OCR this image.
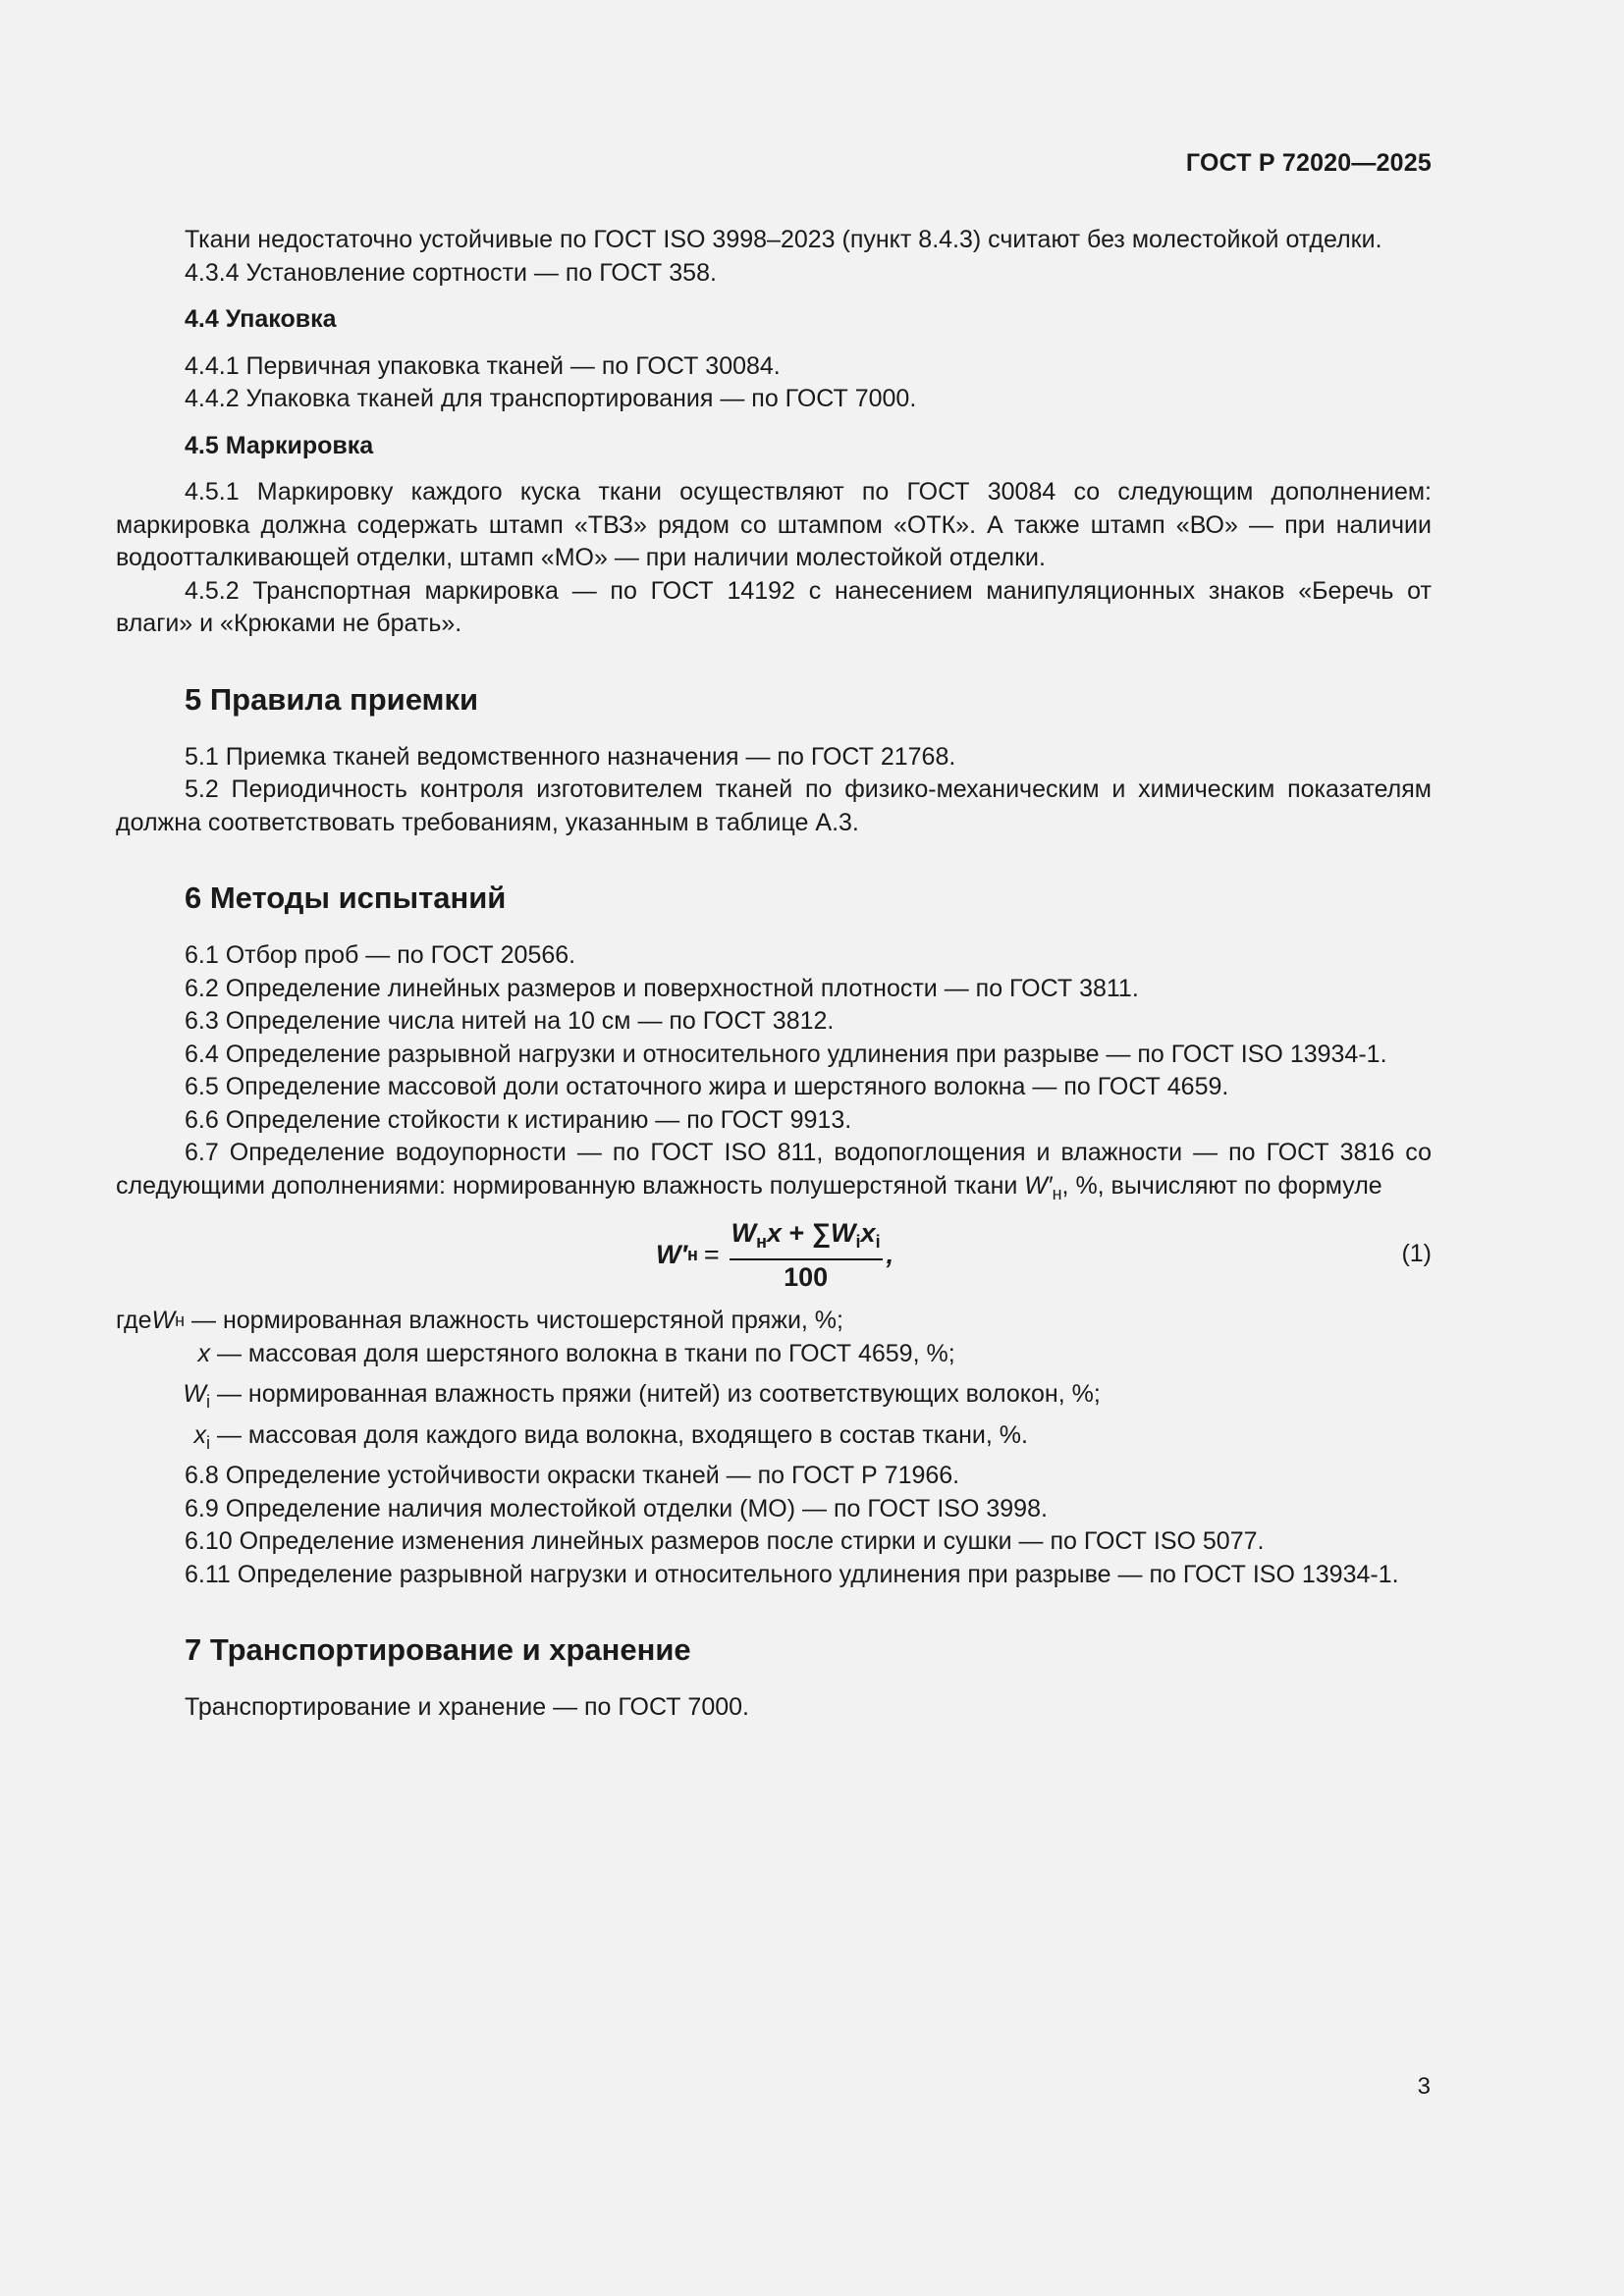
ГОСТ Р 72020—2025

Ткани недостаточно устойчивые по ГОСТ ISO 3998–2023 (пункт 8.4.3) считают без молестойкой отделки.

4.3.4 Установление сортности — по ГОСТ 358.

4.4 Упаковка

4.4.1 Первичная упаковка тканей — по ГОСТ 30084.

4.4.2 Упаковка тканей для транспортирования — по ГОСТ 7000.

4.5 Маркировка

4.5.1 Маркировку каждого куска ткани осуществляют по ГОСТ 30084 со следующим дополнением: маркировка должна содержать штамп «ТВЗ» рядом со штампом «ОТК». А также штамп «ВО» — при наличии водоотталкивающей отделки, штамп «МО» — при наличии молестойкой отделки.

4.5.2 Транспортная маркировка — по ГОСТ 14192 с нанесением манипуляционных знаков «Беречь от влаги» и «Крюками не брать».

5 Правила приемки

5.1 Приемка тканей ведомственного назначения — по ГОСТ 21768.

5.2 Периодичность контроля изготовителем тканей по физико-механическим и химическим показателям должна соответствовать требованиям, указанным в таблице А.3.

6 Методы испытаний

6.1 Отбор проб — по ГОСТ 20566.

6.2 Определение линейных размеров и поверхностной плотности — по ГОСТ 3811.

6.3 Определение числа нитей на 10 см — по ГОСТ 3812.

6.4 Определение разрывной нагрузки и относительного удлинения при разрыве — по ГОСТ ISO 13934-1.

6.5 Определение массовой доли остаточного жира и шерстяного волокна — по ГОСТ 4659.

6.6 Определение стойкости к истиранию — по ГОСТ 9913.

6.7 Определение водоупорности — по ГОСТ ISO 811, водопоглощения и влажности — по ГОСТ 3816 со следующими дополнениями: нормированную влажность полушерстяной ткани $W'_н$, %, вычисляют по формуле

W′ $н = \frac{W_нx + \sum W_ix_i}{100}$ ,	(1)
где W н — нормированная влажность чистошерстяной пряжи, %;
x — массовая доля шерстяного волокна в ткани по ГОСТ 4659, %;
$W_i$ — нормированная влажность пряжи (нитей) из соответствующих волокон, %;
$x_i$ — массовая доля каждого вида волокна, входящего в состав ткани, %.

6.8 Определение устойчивости окраски тканей — по ГОСТ Р 71966.

6.9 Определение наличия молестойкой отделки (МО) — по ГОСТ ISO 3998.

6.10 Определение изменения линейных размеров после стирки и сушки — по ГОСТ ISO 5077.

6.11 Определение разрывной нагрузки и относительного удлинения при разрыве — по ГОСТ ISO 13934-1.

7 Транспортирование и хранение

Транспортирование и хранение — по ГОСТ 7000.

3
